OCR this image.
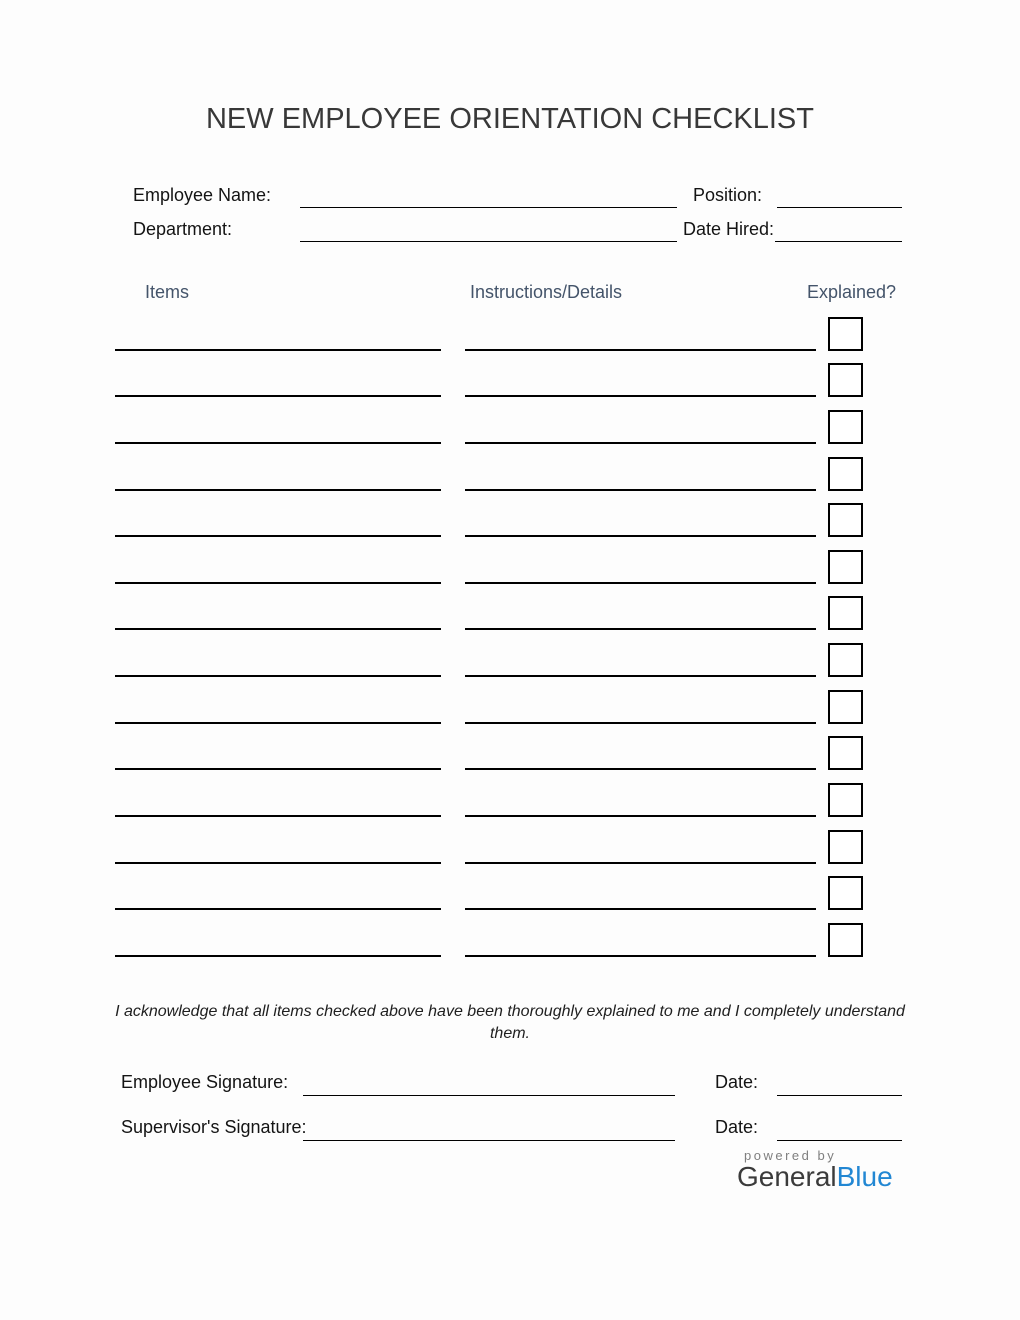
NEW EMPLOYEE ORIENTATION CHECKLIST
Employee Name:	Position:
Department:	Date Hired:
Items	Instructions/Details	Explained?
I acknowledge that all items checked above have been thoroughly explained to me and I completely understand
them.
Employee Signature:	Date:
Supervisor's Signature:	Date:
powered by
GeneralBlue
